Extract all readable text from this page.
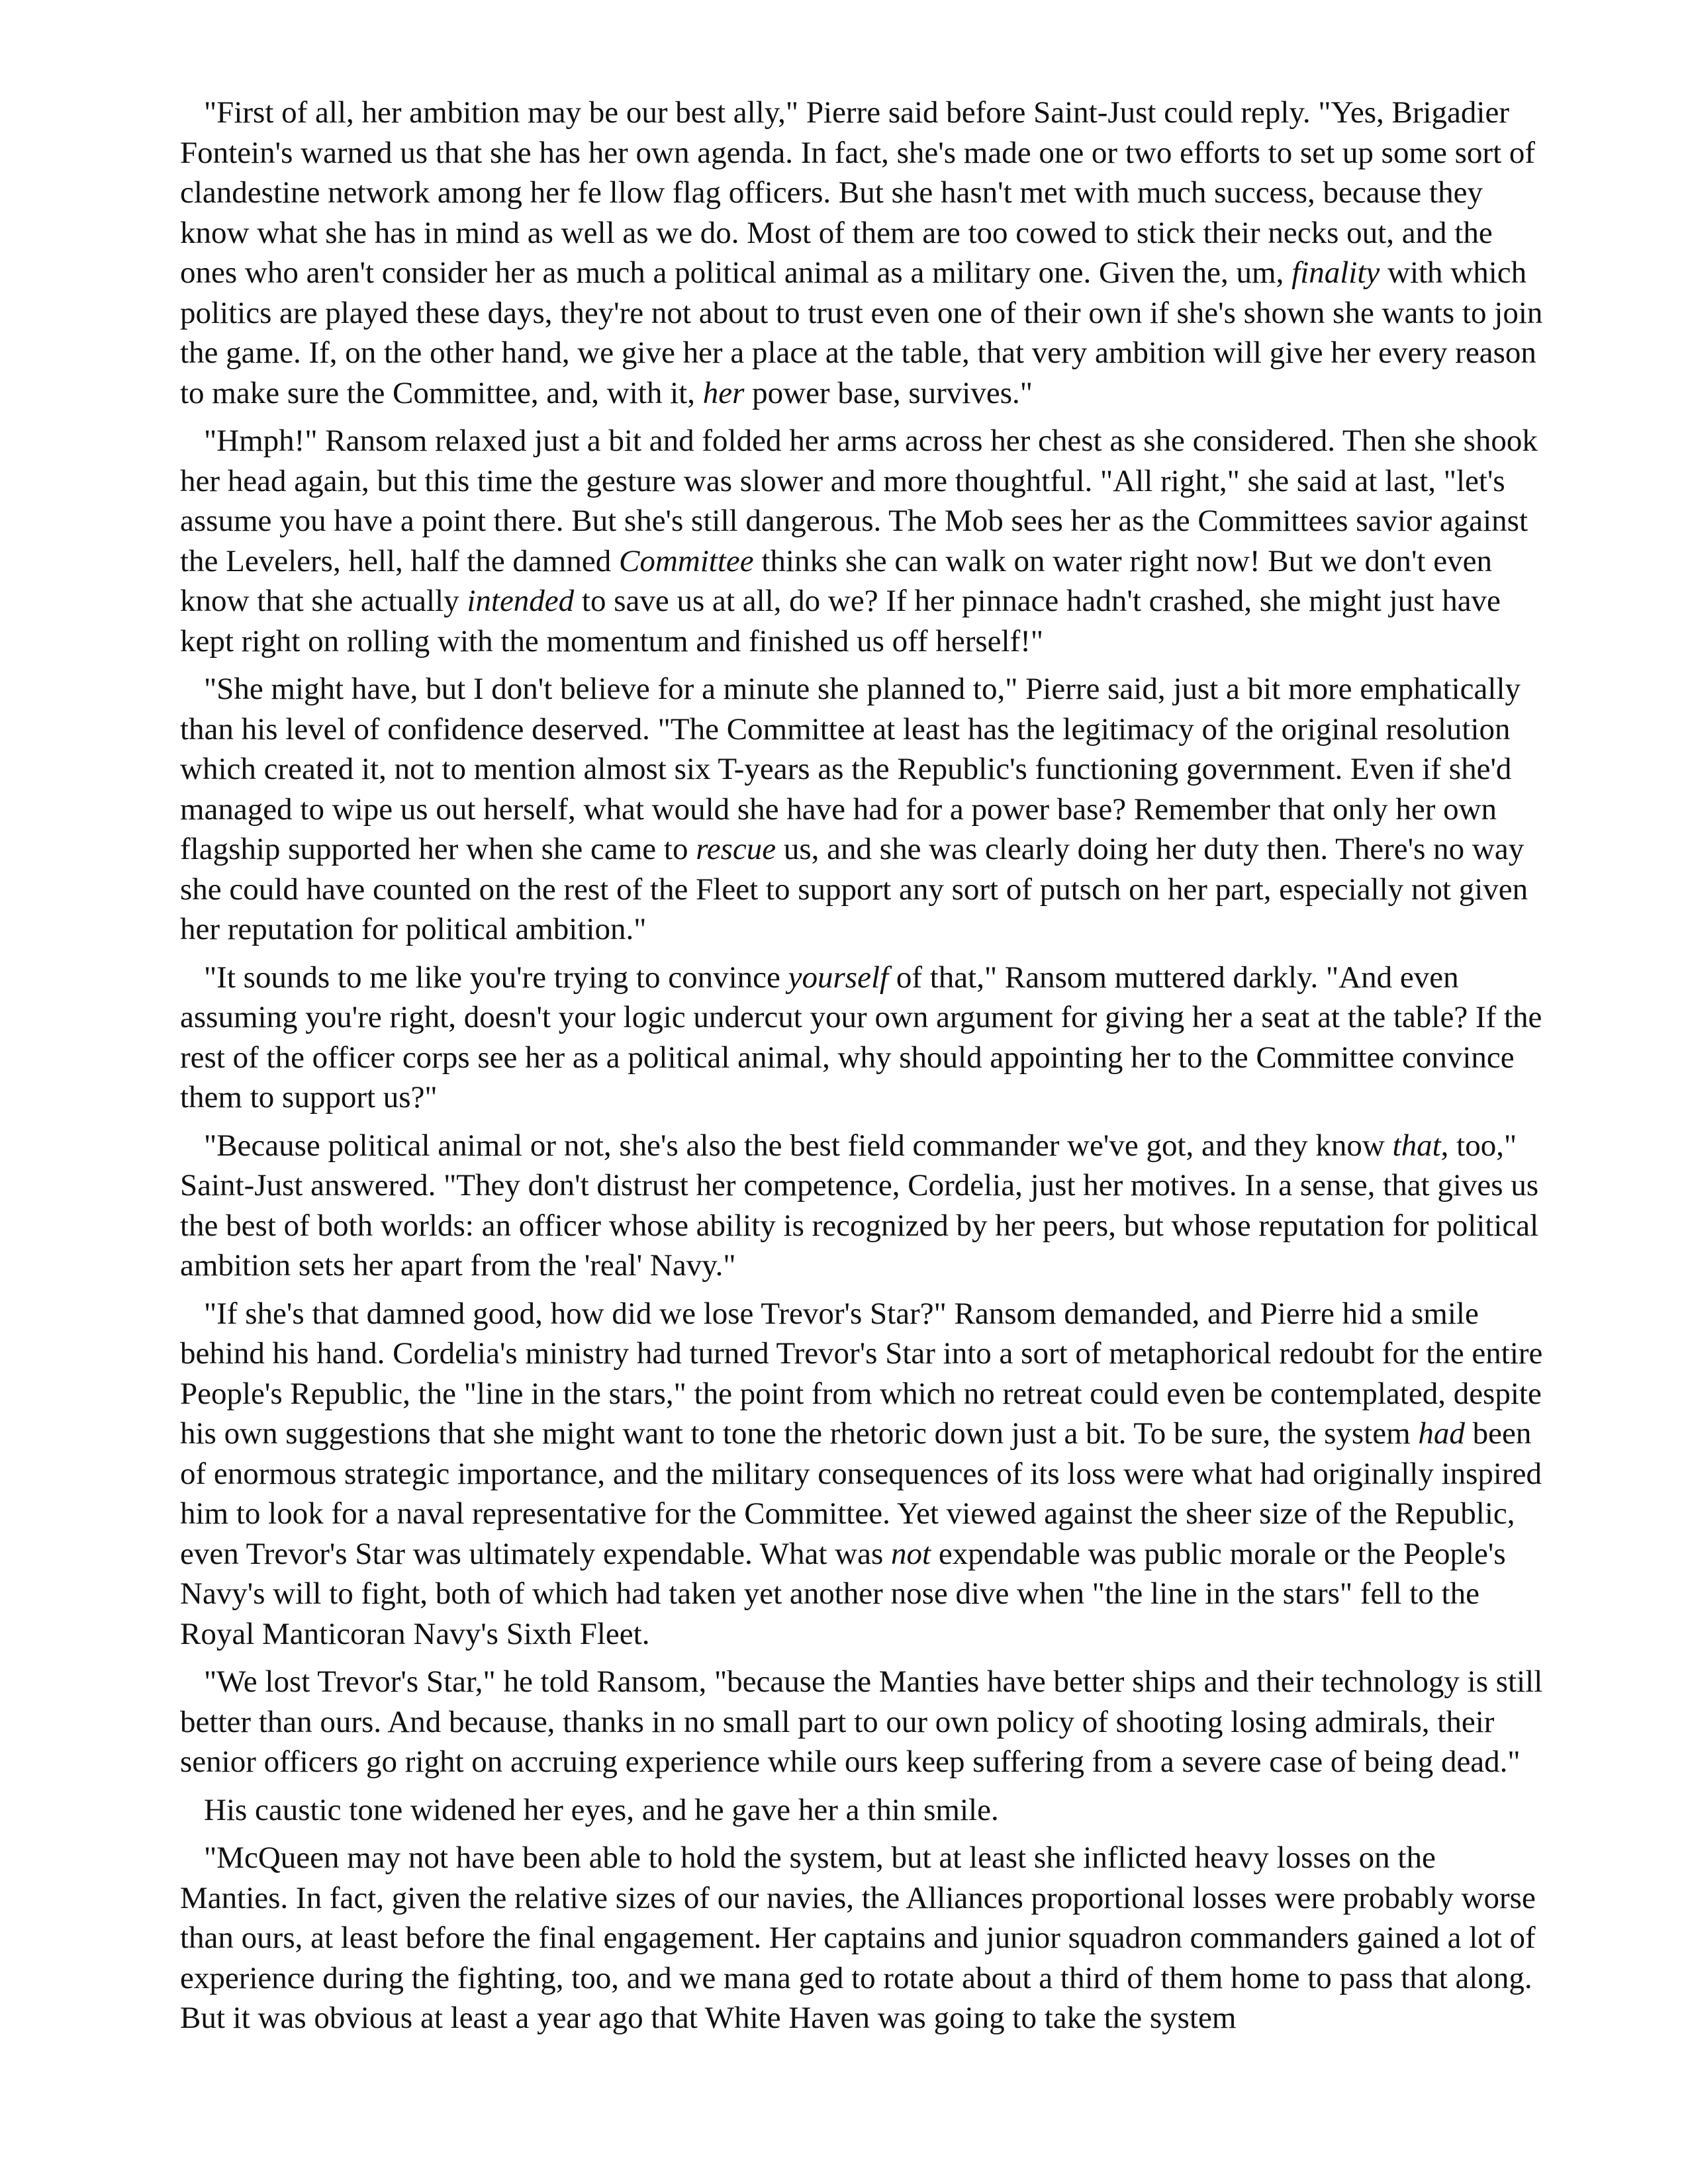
"First of all, her ambition may be our best ally," Pierre said before Saint-Just could reply. "Yes, Brigadier Fontein's warned us that she has her own agenda. In fact, she's made one or two efforts to set up some sort of clandestine network among her fe llow flag officers. But she hasn't met with much success, because they know what she has in mind as well as we do. Most of them are too cowed to stick their necks out, and the ones who aren't consider her as much a political animal as a military one. Given the, um, finality with which politics are played these days, they're not about to trust even one of their own if she's shown she wants to join the game. If, on the other hand, we give her a place at the table, that very ambition will give her every reason to make sure the Committee, and, with it, her power base, survives."

"Hmph!" Ransom relaxed just a bit and folded her arms across her chest as she considered. Then she shook her head again, but this time the gesture was slower and more thoughtful. "All right," she said at last, "let's assume you have a point there. But she's still dangerous. The Mob sees her as the Committees savior against the Levelers, hell, half the damned Committee thinks she can walk on water right now! But we don't even know that she actually intended to save us at all, do we? If her pinnace hadn't crashed, she might just have kept right on rolling with the momentum and finished us off herself!"

"She might have, but I don't believe for a minute she planned to," Pierre said, just a bit more emphatically than his level of confidence deserved. "The Committee at least has the legitimacy of the original resolution which created it, not to mention almost six T-years as the Republic's functioning government. Even if she'd managed to wipe us out herself, what would she have had for a power base? Remember that only her own flagship supported her when she came to rescue us, and she was clearly doing her duty then. There's no way she could have counted on the rest of the Fleet to support any sort of putsch on her part, especially not given her reputation for political ambition."

"It sounds to me like you're trying to convince yourself of that," Ransom muttered darkly. "And even assuming you're right, doesn't your logic undercut your own argument for giving her a seat at the table? If the rest of the officer corps see her as a political animal, why should appointing her to the Committee convince them to support us?"

"Because political animal or not, she's also the best field commander we've got, and they know that, too," Saint-Just answered. "They don't distrust her competence, Cordelia, just her motives. In a sense, that gives us the best of both worlds: an officer whose ability is recognized by her peers, but whose reputation for political ambition sets her apart from the 'real' Navy."

"If she's that damned good, how did we lose Trevor's Star?" Ransom demanded, and Pierre hid a smile behind his hand. Cordelia's ministry had turned Trevor's Star into a sort of metaphorical redoubt for the entire People's Republic, the "line in the stars," the point from which no retreat could even be contemplated, despite his own suggestions that she might want to tone the rhetoric down just a bit. To be sure, the system had been of enormous strategic importance, and the military consequences of its loss were what had originally inspired him to look for a naval representative for the Committee. Yet viewed against the sheer size of the Republic, even Trevor's Star was ultimately expendable. What was not expendable was public morale or the People's Navy's will to fight, both of which had taken yet another nose dive when "the line in the stars" fell to the Royal Manticoran Navy's Sixth Fleet.

"We lost Trevor's Star," he told Ransom, "because the Manties have better ships and their technology is still better than ours. And because, thanks in no small part to our own policy of shooting losing admirals, their senior officers go right on accruing experience while ours keep suffering from a severe case of being dead."

His caustic tone widened her eyes, and he gave her a thin smile.

"McQueen may not have been able to hold the system, but at least she inflicted heavy losses on the Manties. In fact, given the relative sizes of our navies, the Alliances proportional losses were probably worse than ours, at least before the final engagement. Her captains and junior squadron commanders gained a lot of experience during the fighting, too, and we mana ged to rotate about a third of them home to pass that along. But it was obvious at least a year ago that White Haven was going to take the system
